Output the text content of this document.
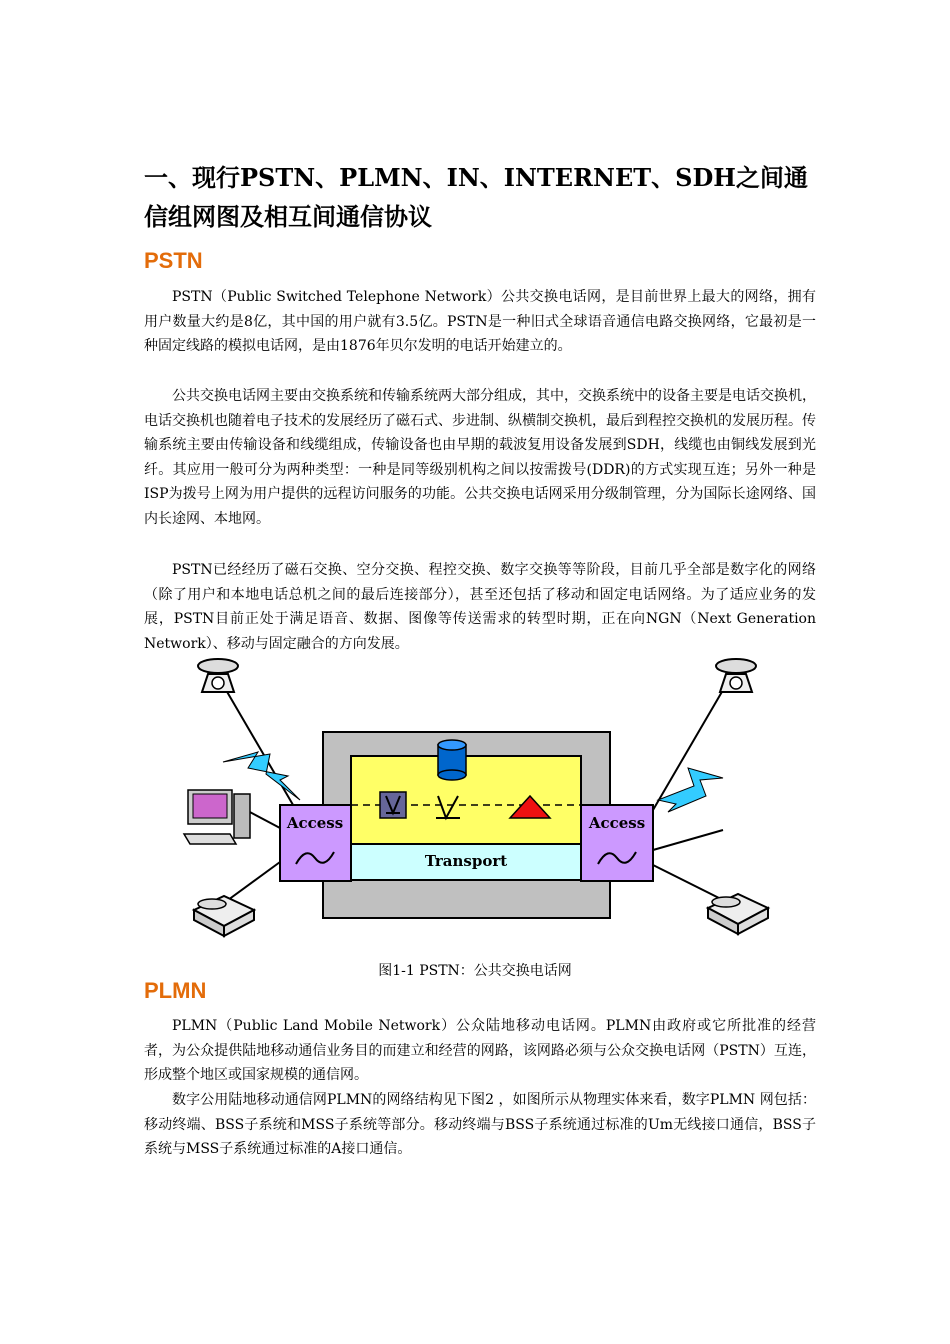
一、现行PSTN、PLMN、IN、INTERNET、SDH之间通信组网图及相互间通信协议
PSTN

PSTN（Public Switched Telephone Network）公共交换电话网，是目前世界上最大的网络，拥有用户数量大约是8亿，其中国的用户就有3.5亿。PSTN是一种旧式全球语音通信电路交换网络，它最初是一种固定线路的模拟电话网，是由1876年贝尔发明的电话开始建立的。

公共交换电话网主要由交换系统和传输系统两大部分组成，其中，交换系统中的设备主要是电话交换机，电话交换机也随着电子技术的发展经历了磁石式、步进制、纵横制交换机，最后到程控交换机的发展历程。传输系统主要由传输设备和线缆组成，传输设备也由早期的载波复用设备发展到SDH，线缆也由铜线发展到光纤。其应用一般可分为两种类型：一种是同等级别机构之间以按需拨号(DDR)的方式实现互连；另外一种是ISP为拨号上网为用户提供的远程访问服务的功能。公共交换电话网采用分级制管理，分为国际长途网络、国内长途网、本地网。

PSTN已经经历了磁石交换、空分交换、程控交换、数字交换等等阶段，目前几乎全部是数字化的网络（除了用户和本地电话总机之间的最后连接部分），甚至还包括了移动和固定电话网络。为了适应业务的发展，PSTN目前正处于满足语音、数据、图像等传送需求的转型时期，正在向NGN（Next Generation Network）、移动与固定融合的方向发展。

Transport
Access	Access
图1-1 PSTN：公共交换电话网
PLMN

PLMN（Public Land Mobile Network）公众陆地移动电话网。PLMN由政府或它所批准的经营者，为公众提供陆地移动通信业务目的而建立和经营的网路，该网路必须与公众交换电话网（PSTN）互连，形成整个地区或国家规模的通信网。

数字公用陆地移动通信网PLMN的网络结构见下图2 ，如图所示从物理实体来看，数字PLMN 网包括：移动终端、BSS子系统和MSS子系统等部分。移动终端与BSS子系统通过标准的Um无线接口通信，BSS子系统与MSS子系统通过标准的A接口通信。
